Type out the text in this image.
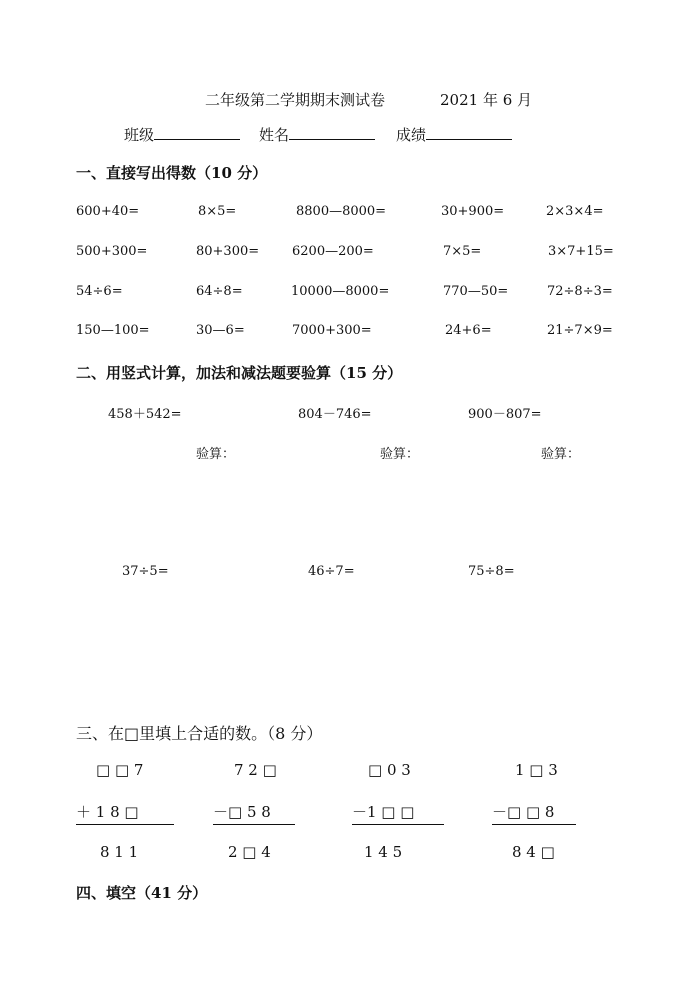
二年级第二学期期末测试卷	2021 年 6 月
班级	姓名	成绩
一、直接写出得数（10 分）
600+40=	8×5=	8800—8000=	30+900=	2×3×4=
500+300=	80+300=	6200—200=	7×5=	3×7+15=
54÷6=	64÷8=	10000—8000=	770—50=	72÷8÷3=
150—100=	30—6=	7000+300=	24+6=	21÷7×9=
二、用竖式计算，加法和减法题要验算（15 分）
458＋542=	804－746=	900－807=
验算：	验算：	验算：
37÷5=	46÷7=	75÷8=
三、在□里填上合适的数。（8 分）
□ □ 7
＋ 1 8 □
8 1 1
7 2 □
－□ 5 8
2 □ 4
□ 0 3
－1 □ □
1 4 5
1 □ 3
－□ □ 8
8 4 □
四、填空（41 分）
